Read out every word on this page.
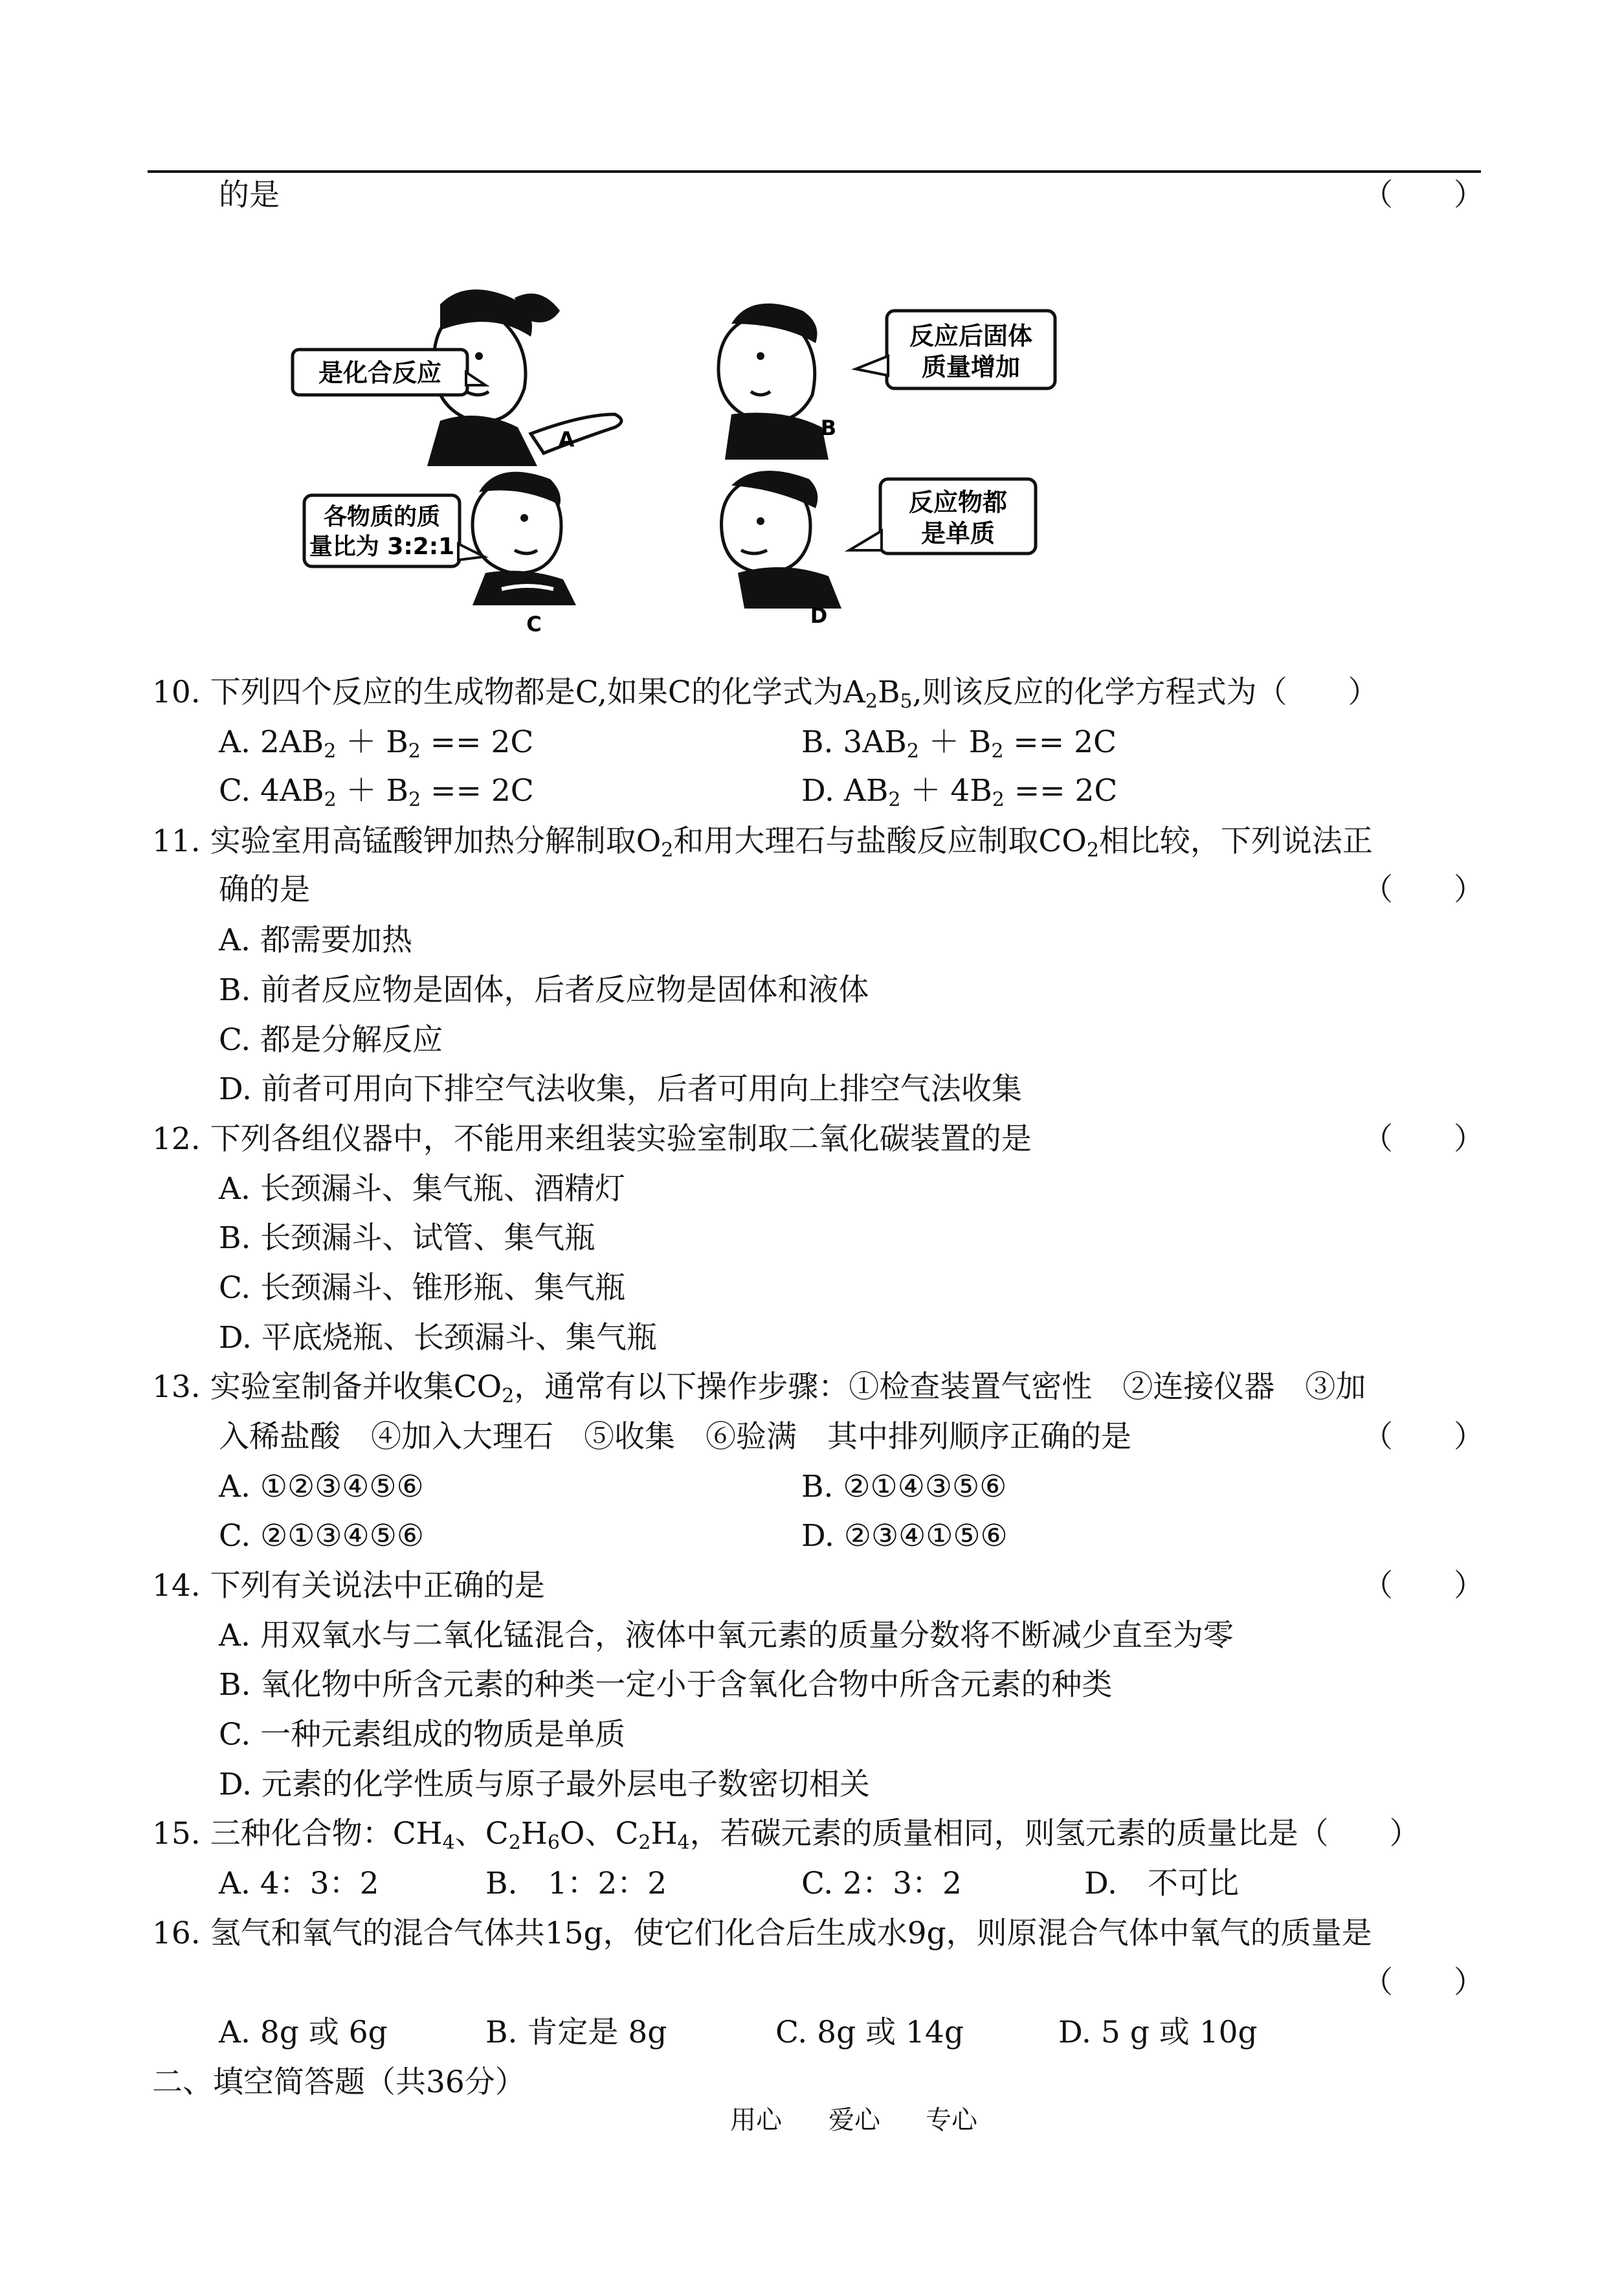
的是	（　　）
是化合反应
A
反应后固体
质量增加
B
各物质的质
量比为 3:2:1
C
反应物都
是单质
D
10. 下列四个反应的生成物都是C,如果C的化学式为$A_2B_5$,则该反应的化学方程式为（　　）
A. $2AB_2 + B_2 == 2C$	B. $3AB_2 + B_2 == 2C$
C. $4AB_2 + B_2 == 2C$	D. $AB_2 + 4B_2 == 2C$
11. 实验室用高锰酸钾加热分解制取$O_2$和用大理石与盐酸反应制取$CO_2$相比较，下列说法正
确的是	（　　）
A. 都需要加热
B. 前者反应物是固体，后者反应物是固体和液体
C. 都是分解反应
D. 前者可用向下排空气法收集，后者可用向上排空气法收集
12. 下列各组仪器中，不能用来组装实验室制取二氧化碳装置的是	（　　）
A. 长颈漏斗、集气瓶、酒精灯
B. 长颈漏斗、试管、集气瓶
C. 长颈漏斗、锥形瓶、集气瓶
D. 平底烧瓶、长颈漏斗、集气瓶
13. 实验室制备并收集$CO_2$，通常有以下操作步骤：①检查装置气密性　②连接仪器　③加
入稀盐酸　④加入大理石　⑤收集　⑥验满　其中排列顺序正确的是	（　　）
A. ①②③④⑤⑥	B. ②①④③⑤⑥
C. ②①③④⑤⑥	D. ②③④①⑤⑥
14. 下列有关说法中正确的是	（　　）
A. 用双氧水与二氧化锰混合，液体中氧元素的质量分数将不断减少直至为零
B. 氧化物中所含元素的种类一定小于含氧化合物中所含元素的种类
C. 一种元素组成的物质是单质
D. 元素的化学性质与原子最外层电子数密切相关
15. 三种化合物：$CH_4$、$C_2H_6O$、$C_2H_4$，若碳元素的质量相同，则氢元素的质量比是（　　）
A. 4：3：2	B.　1：2：2	C. 2：3：2	D.　不可比
16. 氢气和氧气的混合气体共15g，使它们化合后生成水9g，则原混合气体中氧气的质量是
（　　）
A. 8g 或 6g	B. 肯定是 8g	C. 8g 或 14g	D. 5 g 或 10g
二、填空简答题（共36分）
用心 爱心 专心
